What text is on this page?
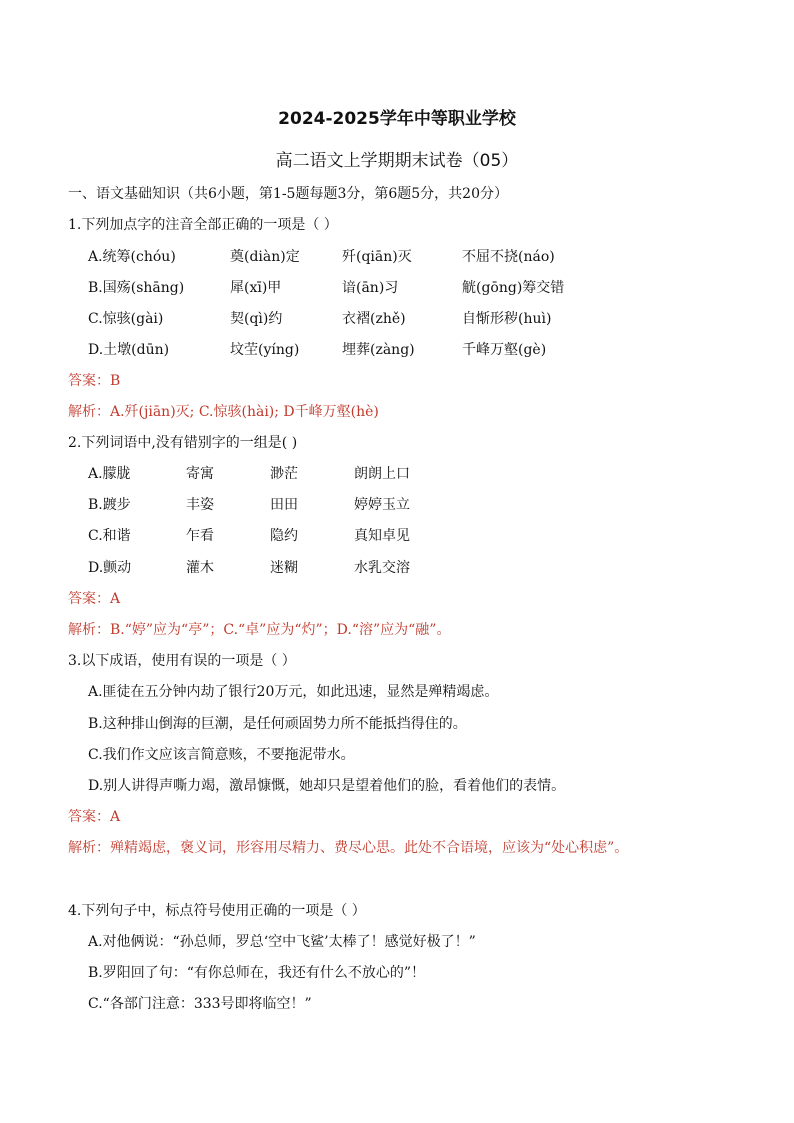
2024-2025学年中等职业学校
高二语文上学期期末试卷（05）
一、语文基础知识（共6小题，第1-5题每题3分，第6题5分，共20分）
1.下列加点字的注音全部正确的一项是（ ）
A.统筹(chóu)	奠(diàn)定	歼(qiān)灭	不屈不挠(náo)
B.国殇(shāng)	犀(xī)甲	谙(ān)习	觥(gōng)筹交错
C.惊骇(gài)	契(qì)约	衣褶(zhě)	自惭形秽(huì)
D.土墩(dūn)	坟茔(yíng)	埋葬(zàng)	千峰万壑(gè)
答案：B
解析：A.歼(jiān)灭; C.惊骇(hài); D千峰万壑(hè)
2.下列词语中,没有错别字的一组是( )
A.朦胧	寄寓	渺茫	朗朗上口
B.踱步	丰姿	田田	婷婷玉立
C.和谐	乍看	隐约	真知卓见
D.颤动	灌木	迷糊	水乳交溶
答案：A
解析：B.“婷”应为“亭”；C.“卓”应为“灼”；D.“溶”应为“融”。
3.以下成语，使用有误的一项是（ ）
A.匪徒在五分钟内劫了银行20万元，如此迅速，显然是殚精竭虑。
B.这种排山倒海的巨潮，是任何顽固势力所不能抵挡得住的。
C.我们作文应该言简意赅，不要拖泥带水。
D.别人讲得声嘶力竭，激昂慷慨，她却只是望着他们的脸，看着他们的表情。
答案：A
解析：殚精竭虑，褒义词，形容用尽精力、费尽心思。此处不合语境，应该为“处心积虑”。
4.下列句子中，标点符号使用正确的一项是（ ）
A.对他俩说：“孙总师，罗总‘空中飞鲨’太棒了！感觉好极了！”
B.罗阳回了句：“有你总师在，我还有什么不放心的”！
C.“各部门注意：333号即将临空！”
